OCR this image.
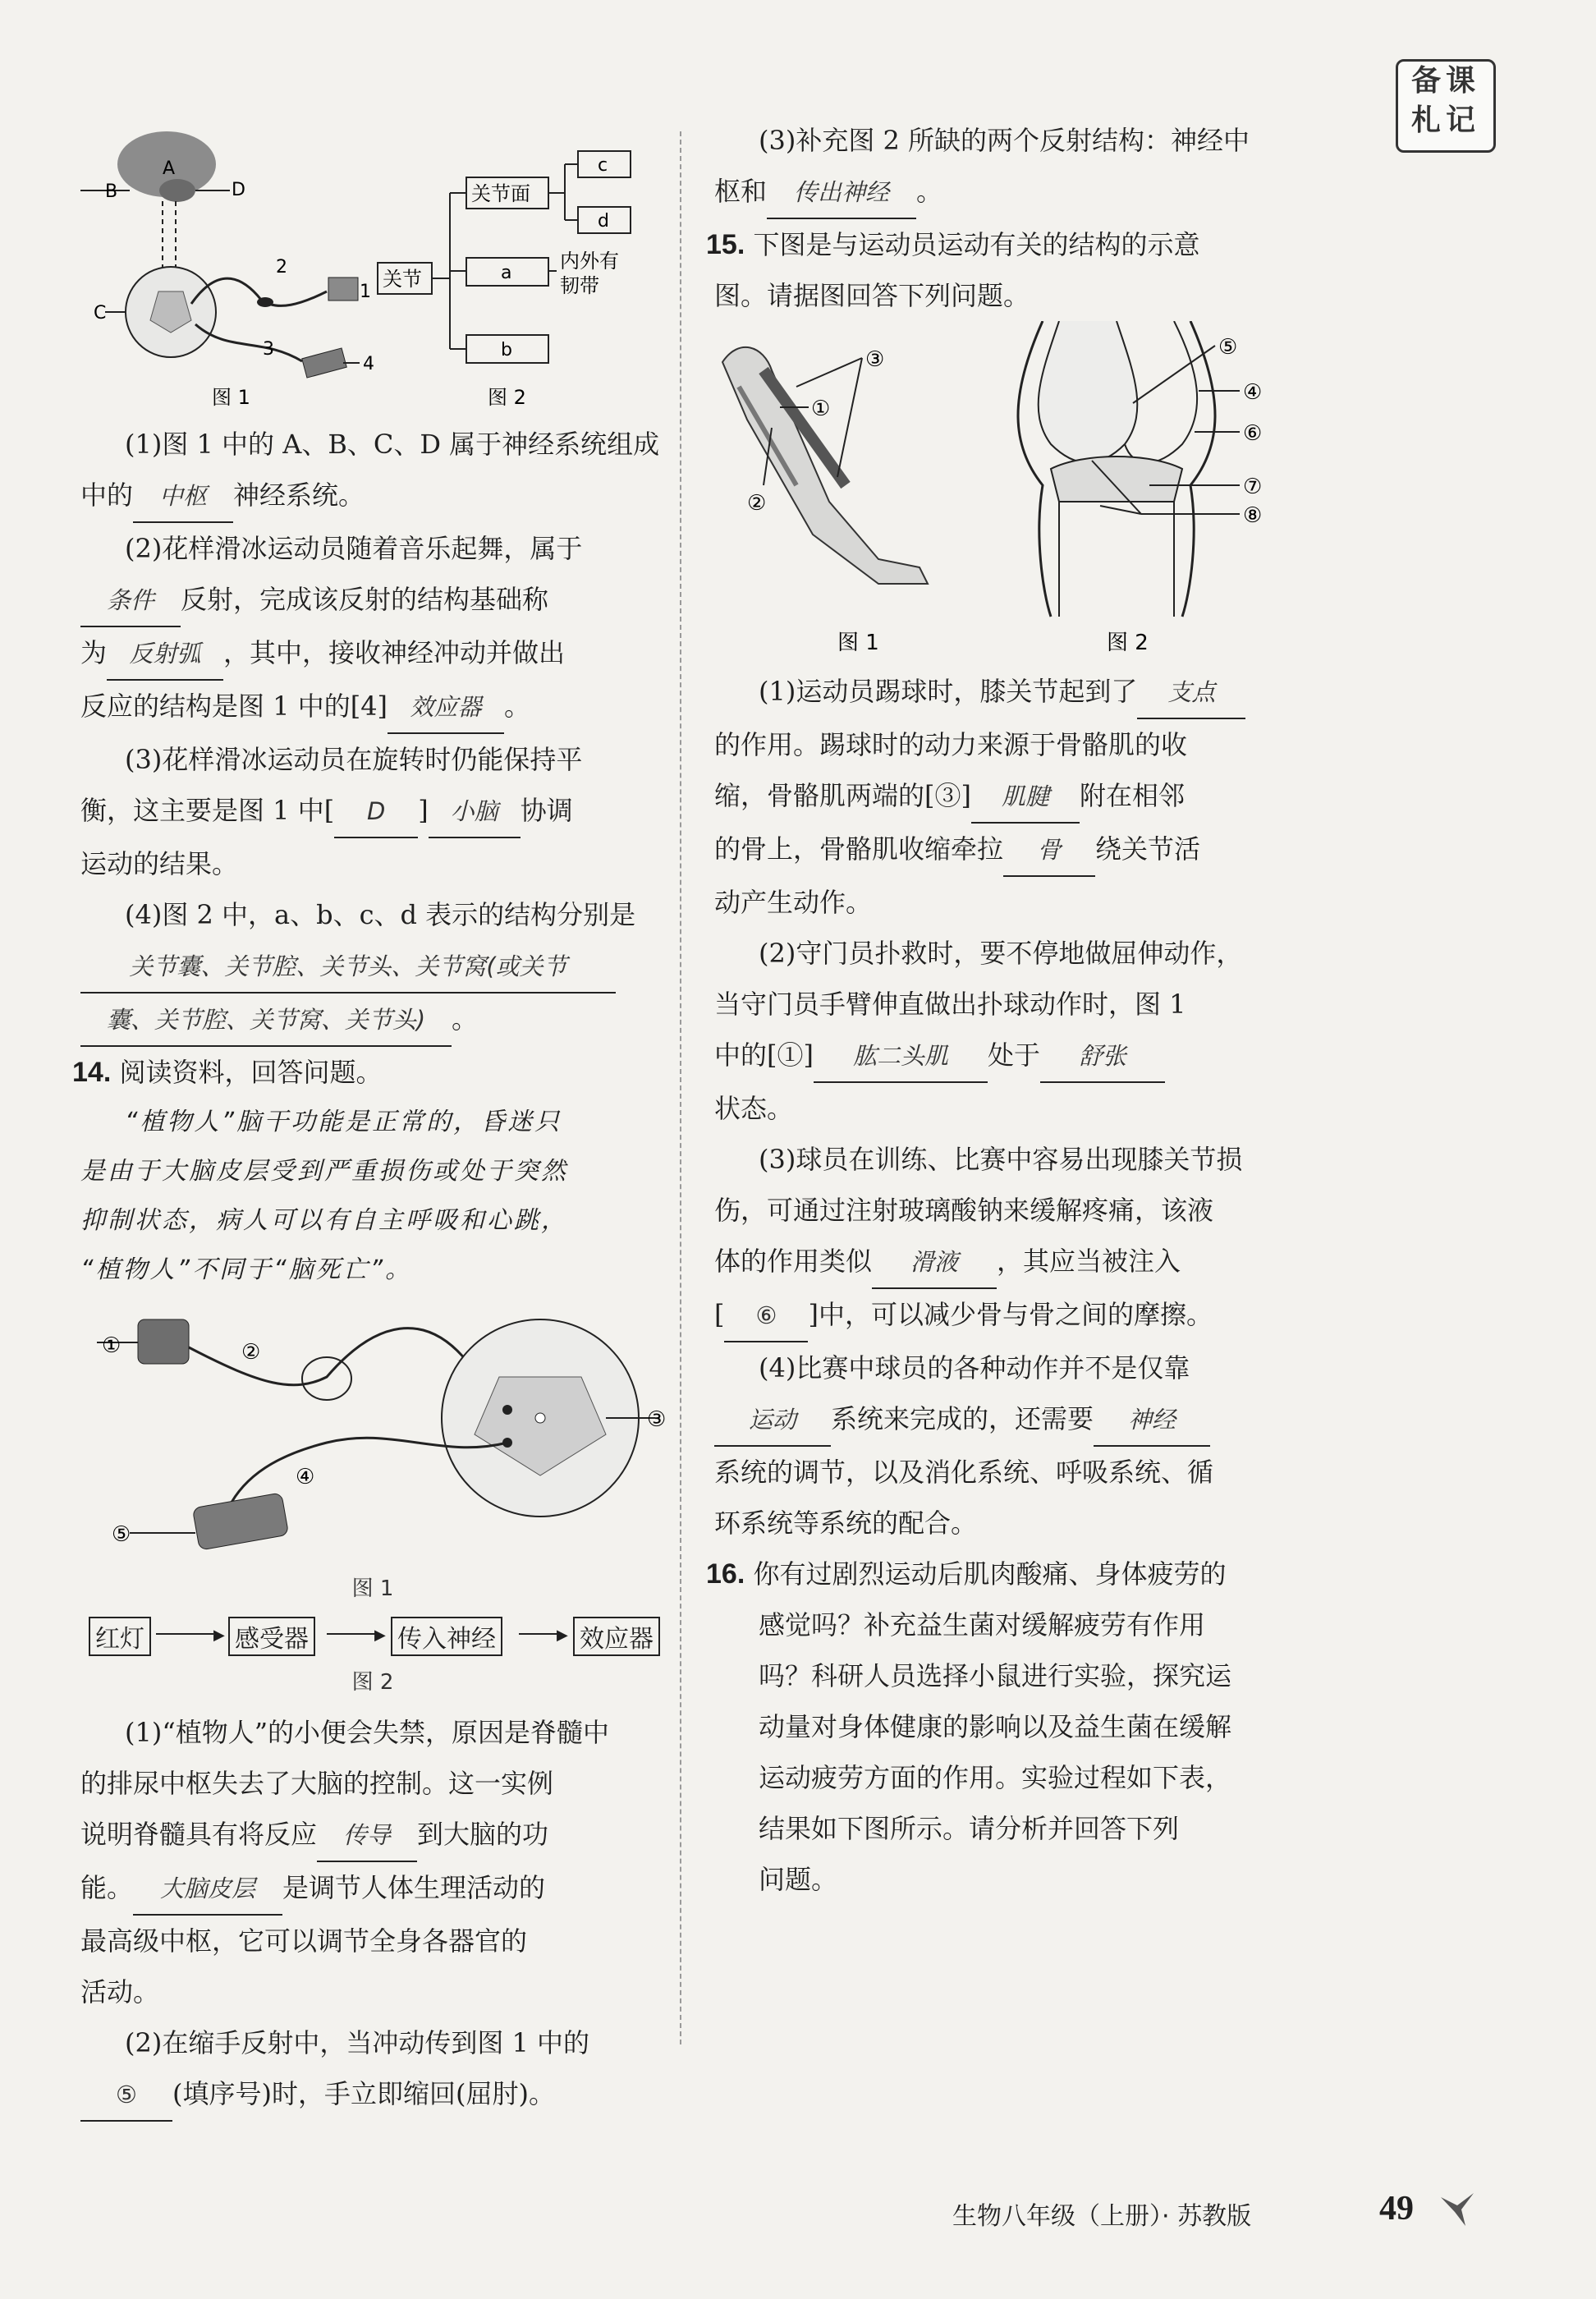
备课
札记
A
B	D
C
1
2
3
4
图 1
关节
关节面
c
d
a
内外有
韧带
b
图 2
(1)图 1 中的 A、B、C、D 属于神经系统组成
中的 中枢 神经系统。
(2)花样滑冰运动员随着音乐起舞，属于
条件 反射，完成该反射的结构基础称
为 反射弧 ，其中，接收神经冲动并做出
反应的结构是图 1 中的[4] 效应器 。
(3)花样滑冰运动员在旋转时仍能保持平
衡，这主要是图 1 中[ D ] 小脑 协调
运动的结果。
(4)图 2 中，a、b、c、d 表示的结构分别是
关节囊、关节腔、关节头、关节窝(或关节
囊、关节腔、关节窝、关节头) 。
14. 阅读资料，回答问题。
“植物人”脑干功能是正常的，昏迷只
是由于大脑皮层受到严重损伤或处于突然
抑制状态，病人可以有自主呼吸和心跳，
“植物人”不同于“脑死亡”。
①	②
③
④
⑤
图 1
红灯	▶ 感受器	▶ 传入神经	▶ 效应器
图 2
(1)“植物人”的小便会失禁，原因是脊髓中
的排尿中枢失去了大脑的控制。这一实例
说明脊髓具有将反应 传导 到大脑的功
能。 大脑皮层 是调节人体生理活动的
最高级中枢，它可以调节全身各器官的
活动。
(2)在缩手反射中，当冲动传到图 1 中的
⑤ (填序号)时，手立即缩回(屈肘)。
(3)补充图 2 所缺的两个反射结构：神经中
枢和 传出神经 。
15. 下图是与运动员运动有关的结构的示意
图。请据图回答下列问题。
③
①
②
图 1
⑤
④
⑥
⑦
⑧
图 2
(1)运动员踢球时，膝关节起到了 支点
的作用。踢球时的动力来源于骨骼肌的收
缩，骨骼肌两端的[③] 肌腱 附在相邻
的骨上，骨骼肌收缩牵拉 骨 绕关节活
动产生动作。
(2)守门员扑救时，要不停地做屈伸动作，
当守门员手臂伸直做出扑球动作时，图 1
中的[①] 肱二头肌 处于 舒张
状态。
(3)球员在训练、比赛中容易出现膝关节损
伤，可通过注射玻璃酸钠来缓解疼痛，该液
体的作用类似 滑液 ，其应当被注入
[ ⑥ ]中，可以减少骨与骨之间的摩擦。
(4)比赛中球员的各种动作并不是仅靠
运动 系统来完成的，还需要 神经
系统的调节，以及消化系统、呼吸系统、循
环系统等系统的配合。
16. 你有过剧烈运动后肌肉酸痛、身体疲劳的
感觉吗？补充益生菌对缓解疲劳有作用
吗？科研人员选择小鼠进行实验，探究运
动量对身体健康的影响以及益生菌在缓解
运动疲劳方面的作用。实验过程如下表，
结果如下图所示。请分析并回答下列
问题。
生物八年级（上册）· 苏教版	49
